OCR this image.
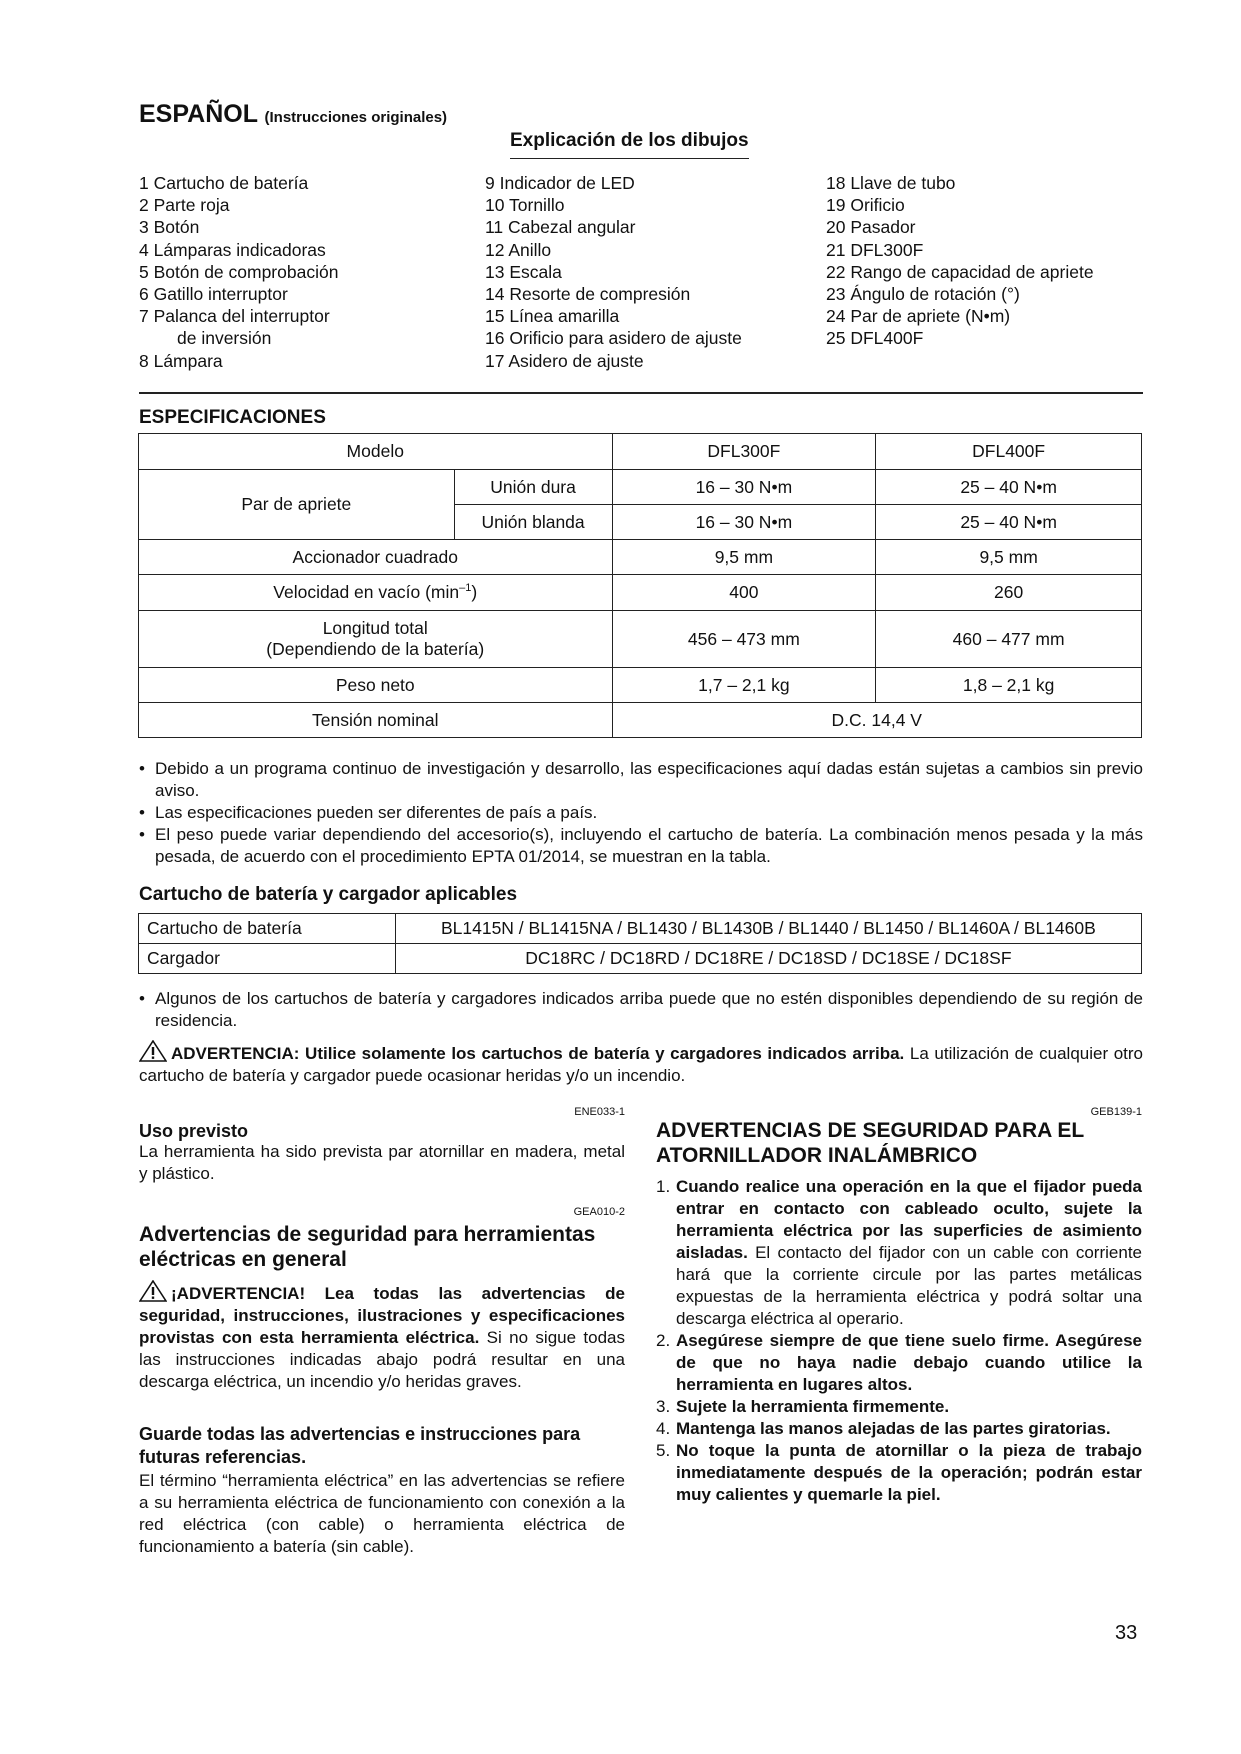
ESPAÑOL (Instrucciones originales)
Explicación de los dibujos
1 Cartucho de batería
2 Parte roja
3 Botón
4 Lámparas indicadoras
5 Botón de comprobación
6 Gatillo interruptor
7 Palanca del interruptor
de inversión
8 Lámpara
9 Indicador de LED
10 Tornillo
11 Cabezal angular
12 Anillo
13 Escala
14 Resorte de compresión
15 Línea amarilla
16 Orificio para asidero de ajuste
17 Asidero de ajuste
18 Llave de tubo
19 Orificio
20 Pasador
21 DFL300F
22 Rango de capacidad de apriete
23 Ángulo de rotación (°)
24 Par de apriete (N•m)
25 DFL400F
ESPECIFICACIONES
Modelo		DFL300F	DFL400F
Par de apriete	Unión dura	16 – 30 N•m	25 – 40 N•m
	Unión blanda	16 – 30 N•m	25 – 40 N•m
Accionador cuadrado		9,5 mm	9,5 mm
Velocidad en vacío $(\min^{-1})$		400	260

Longitud total
(Dependiendo de la batería)		456 – 473 mm	460 – 477 mm
Peso neto		1,7 – 2,1 kg	1,8 – 2,1 kg
Tensión nominal		D.C. 14,4 V	
• Debido a un programa continuo de investigación y desarrollo, las especificaciones aquí dadas están sujetas a cambios sin previo aviso.
• Las especificaciones pueden ser diferentes de país a país.
• El peso puede variar dependiendo del accesorio(s), incluyendo el cartucho de batería. La combinación menos pesada y la más pesada, de acuerdo con el procedimiento EPTA 01/2014, se muestran en la tabla.
Cartucho de batería y cargador aplicables
Cartucho de batería	BL1415N / BL1415NA / BL1430 / BL1430B / BL1440 / BL1450 / BL1460A / BL1460B
Cargador	DC18RC / DC18RD / DC18RE / DC18SD / DC18SE / DC18SF
• Algunos de los cartuchos de batería y cargadores indicados arriba puede que no estén disponibles dependiendo de su región de residencia.
ADVERTENCIA: Utilice solamente los cartuchos de batería y cargadores indicados arriba. La utilización de cualquier otro cartucho de batería y cargador puede ocasionar heridas y/o un incendio.
ENE033-1
Uso previsto
La herramienta ha sido prevista par atornillar en madera, metal y plástico.
GEA010-2
Advertencias de seguridad para herramientas eléctricas en general
¡ADVERTENCIA! Lea todas las advertencias de seguridad, instrucciones, ilustraciones y especificaciones provistas con esta herramienta eléctrica. Si no sigue todas las instrucciones indicadas abajo podrá resultar en una descarga eléctrica, un incendio y/o heridas graves.
Guarde todas las advertencias e instrucciones para futuras referencias.
El término “herramienta eléctrica” en las advertencias se refiere a su herramienta eléctrica de funcionamiento con conexión a la red eléctrica (con cable) o herramienta eléctrica de funcionamiento a batería (sin cable).
GEB139-1
ADVERTENCIAS DE SEGURIDAD PARA EL ATORNILLADOR INALÁMBRICO
1. Cuando realice una operación en la que el fijador pueda entrar en contacto con cableado oculto, sujete la herramienta eléctrica por las superficies de asimiento aisladas. El contacto del fijador con un cable con corriente hará que la corriente circule por las partes metálicas expuestas de la herramienta eléctrica y podrá soltar una descarga eléctrica al operario.
2. Asegúrese siempre de que tiene suelo firme. Asegúrese de que no haya nadie debajo cuando utilice la herramienta en lugares altos.
3. Sujete la herramienta firmemente.
4. Mantenga las manos alejadas de las partes giratorias.
5. No toque la punta de atornillar o la pieza de trabajo inmediatamente después de la operación; podrán estar muy calientes y quemarle la piel.
33
